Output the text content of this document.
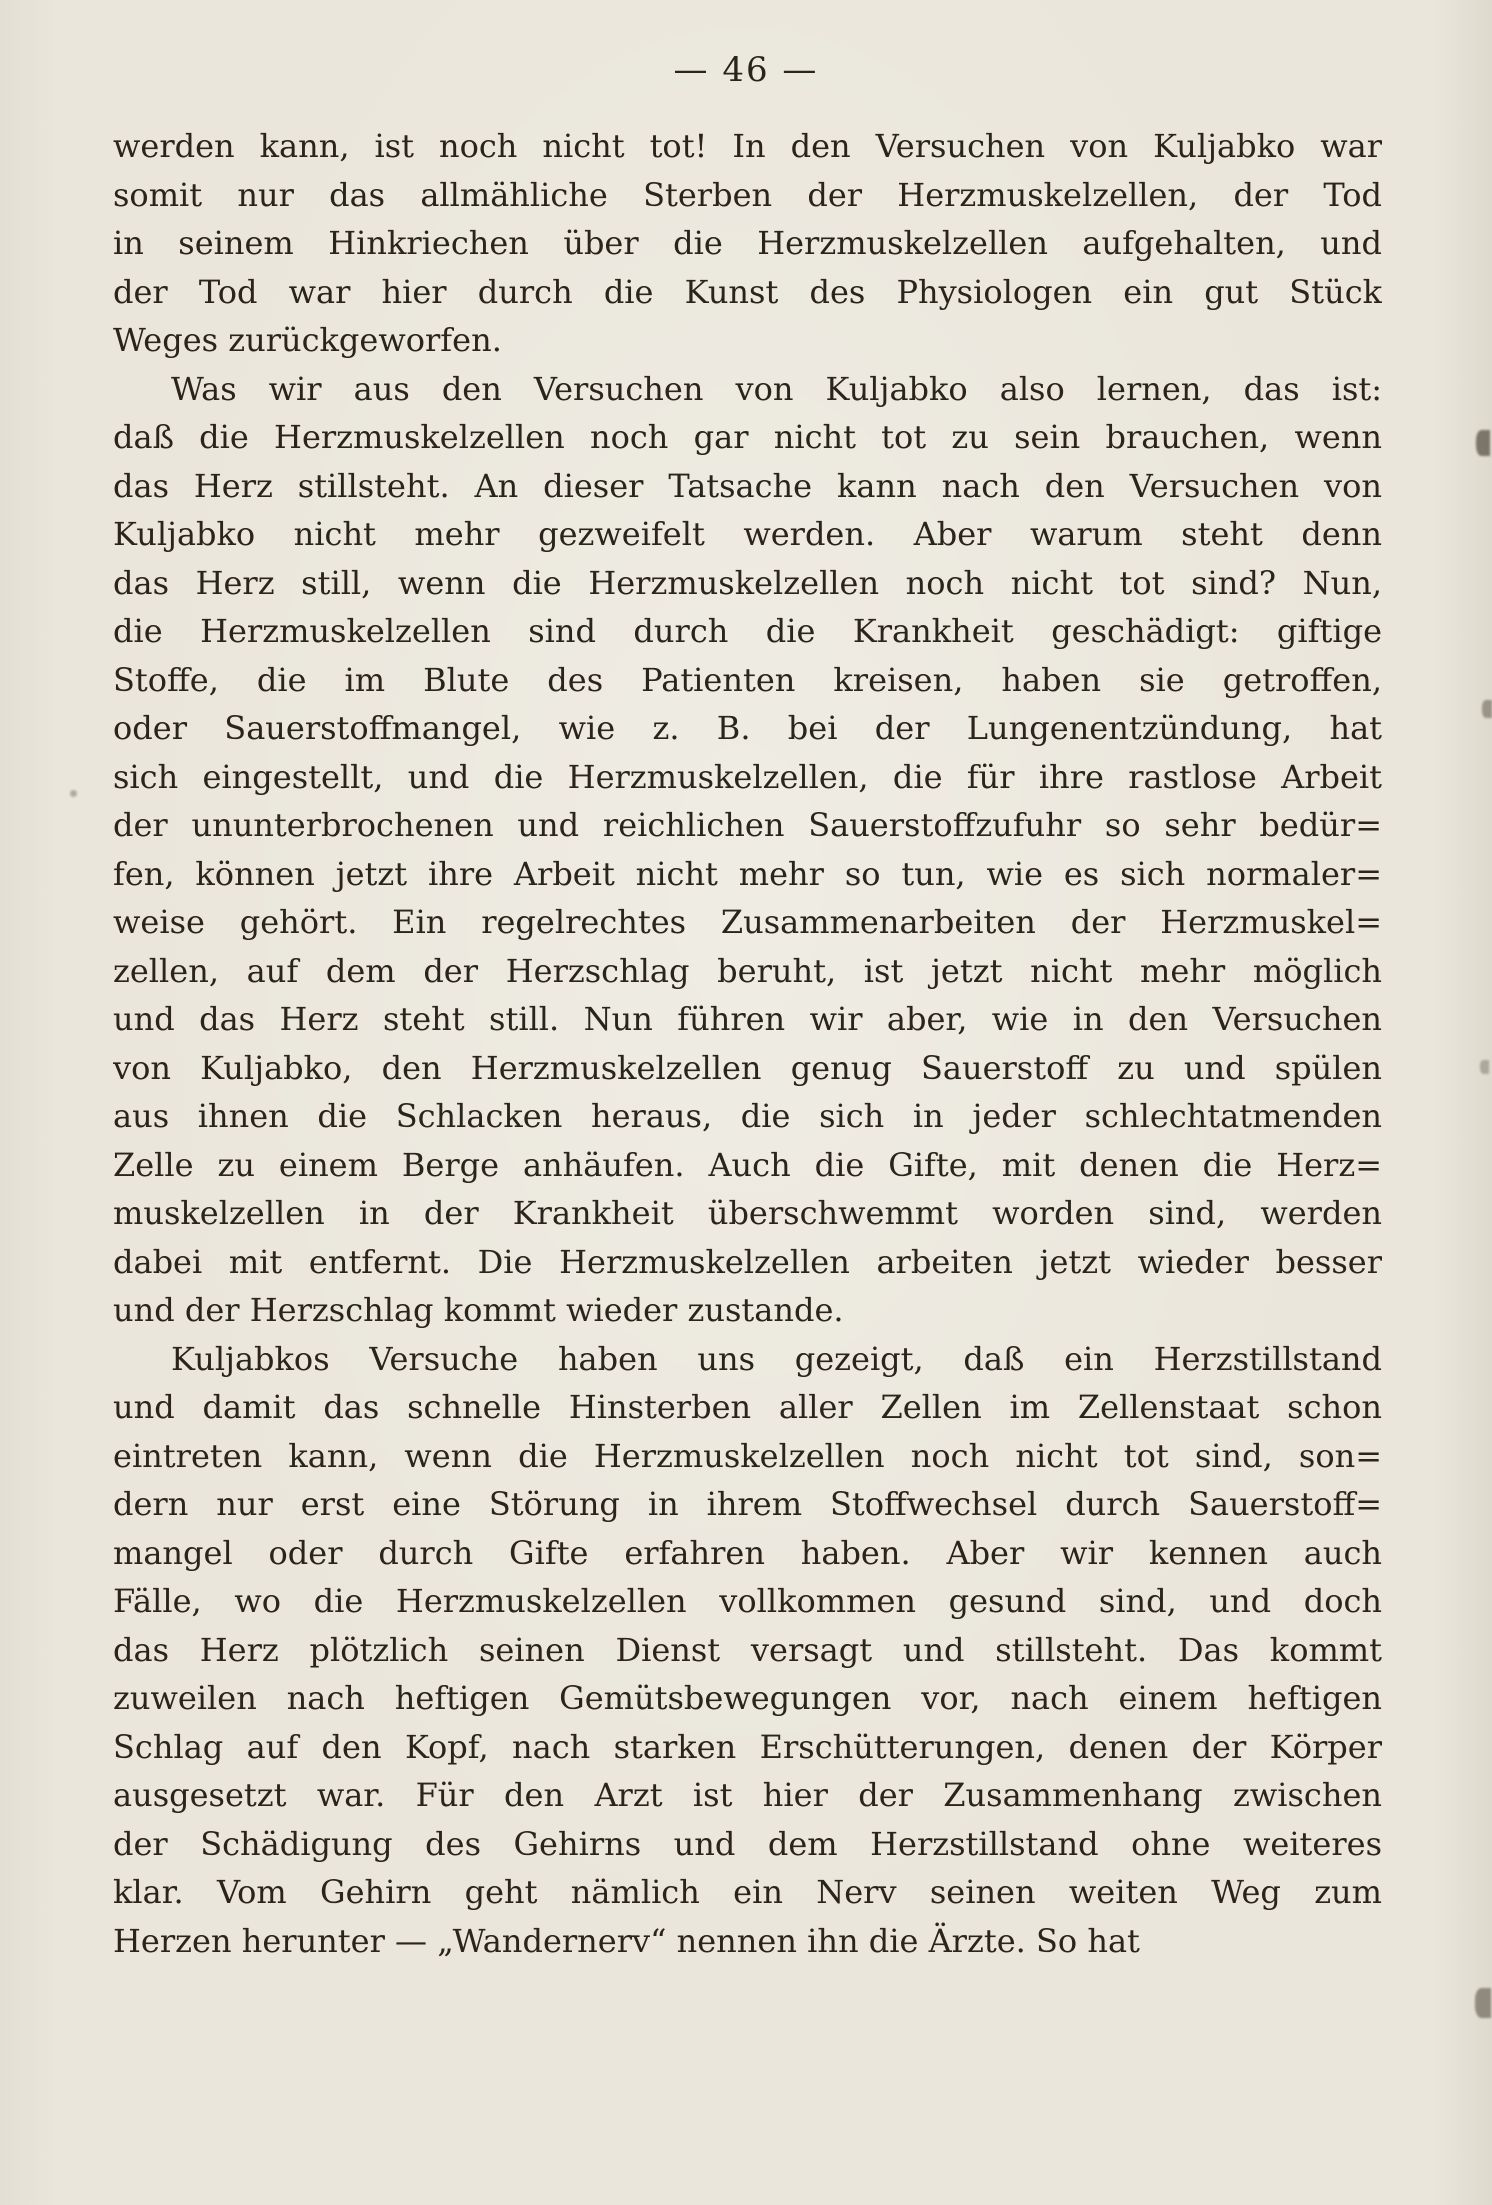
— 46 —
werden kann, ist noch nicht tot! In den Versuchen von Kuljabko war
somit nur das allmähliche Sterben der Herzmuskelzellen, der Tod
in seinem Hinkriechen über die Herzmuskelzellen aufgehalten, und
der Tod war hier durch die Kunst des Physiologen ein gut Stück
Weges zurückgeworfen.
Was wir aus den Versuchen von Kuljabko also lernen, das ist:
daß die Herzmuskelzellen noch gar nicht tot zu sein brauchen, wenn
das Herz stillsteht. An dieser Tatsache kann nach den Versuchen von
Kuljabko nicht mehr gezweifelt werden. Aber warum steht denn
das Herz still, wenn die Herzmuskelzellen noch nicht tot sind? Nun,
die Herzmuskelzellen sind durch die Krankheit geschädigt: giftige
Stoffe, die im Blute des Patienten kreisen, haben sie getroffen,
oder Sauerstoffmangel, wie z. B. bei der Lungenentzündung, hat
sich eingestellt, und die Herzmuskelzellen, die für ihre rastlose Arbeit
der ununterbrochenen und reichlichen Sauerstoffzufuhr so sehr bedür=
fen, können jetzt ihre Arbeit nicht mehr so tun, wie es sich normaler=
weise gehört. Ein regelrechtes Zusammenarbeiten der Herzmuskel=
zellen, auf dem der Herzschlag beruht, ist jetzt nicht mehr möglich
und das Herz steht still. Nun führen wir aber, wie in den Versuchen
von Kuljabko, den Herzmuskelzellen genug Sauerstoff zu und spülen
aus ihnen die Schlacken heraus, die sich in jeder schlechtatmenden
Zelle zu einem Berge anhäufen. Auch die Gifte, mit denen die Herz=
muskelzellen in der Krankheit überschwemmt worden sind, werden
dabei mit entfernt. Die Herzmuskelzellen arbeiten jetzt wieder besser
und der Herzschlag kommt wieder zustande.
Kuljabkos Versuche haben uns gezeigt, daß ein Herzstillstand
und damit das schnelle Hinsterben aller Zellen im Zellenstaat schon
eintreten kann, wenn die Herzmuskelzellen noch nicht tot sind, son=
dern nur erst eine Störung in ihrem Stoffwechsel durch Sauerstoff=
mangel oder durch Gifte erfahren haben. Aber wir kennen auch
Fälle, wo die Herzmuskelzellen vollkommen gesund sind, und doch
das Herz plötzlich seinen Dienst versagt und stillsteht. Das kommt
zuweilen nach heftigen Gemütsbewegungen vor, nach einem heftigen
Schlag auf den Kopf, nach starken Erschütterungen, denen der Körper
ausgesetzt war. Für den Arzt ist hier der Zusammenhang zwischen
der Schädigung des Gehirns und dem Herzstillstand ohne weiteres
klar. Vom Gehirn geht nämlich ein Nerv seinen weiten Weg zum
Herzen herunter — „Wandernerv“ nennen ihn die Ärzte. So hat
